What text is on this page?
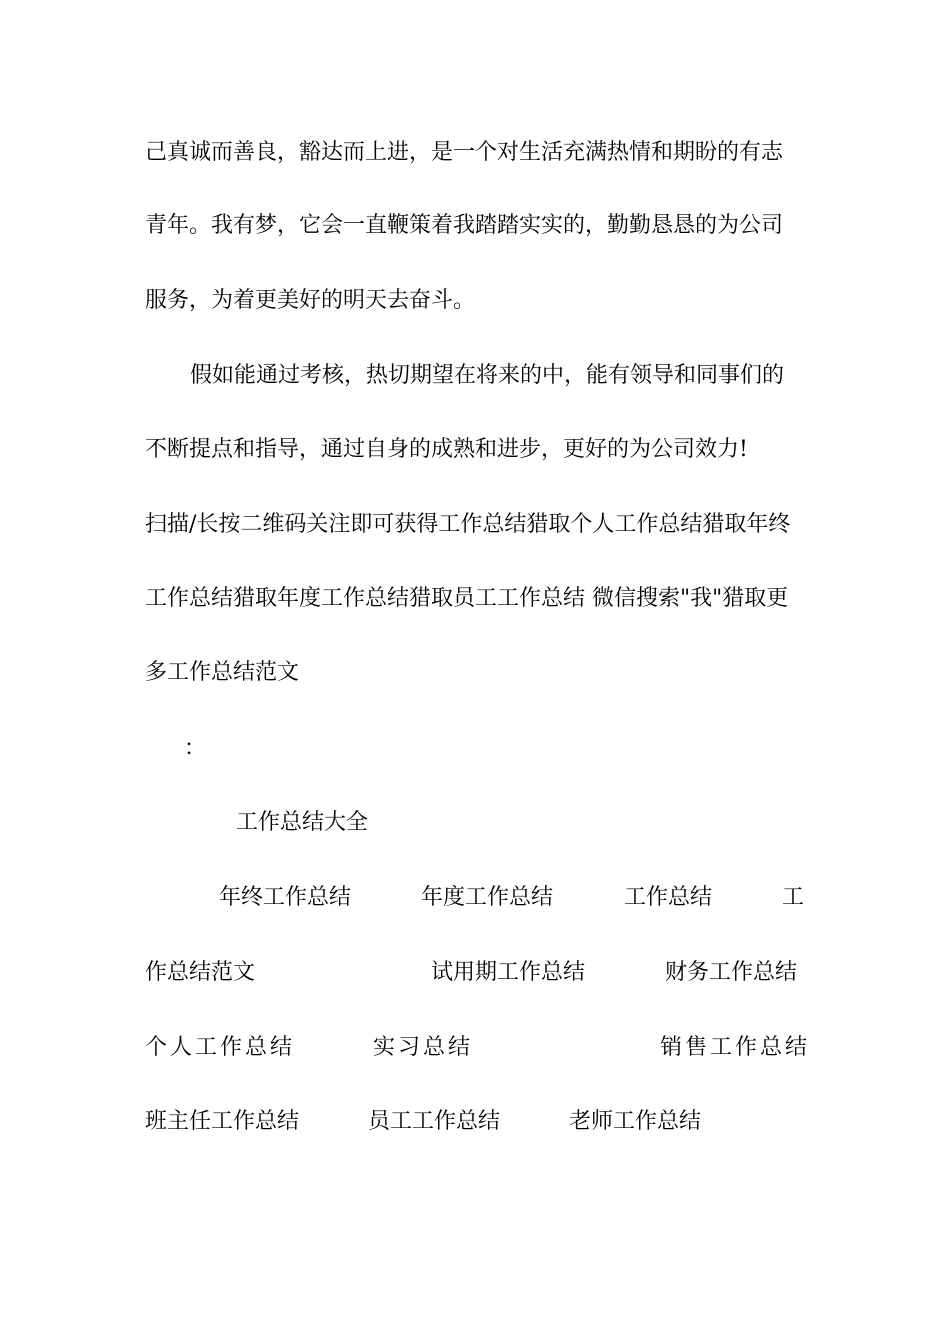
己真诚而善良，豁达而上进，是一个对生活充满热情和期盼的有志
青年。我有梦，它会一直鞭策着我踏踏实实的，勤勤恳恳的为公司
服务，为着更美好的明天去奋斗。
假如能通过考核，热切期望在将来的中，能有领导和同事们的
不断提点和指导，通过自身的成熟和进步，更好的为公司效力!
扫描/长按二维码关注即可获得工作总结猎取个人工作总结猎取年终
工作总结猎取年度工作总结猎取员工工作总结 微信搜索"我"猎取更
多工作总结范文
：
工作总结大全
年终工作总结	年度工作总结	工作总结	工
作总结范文	试用期工作总结	财务工作总结
个人工作总结	实习总结	销售工作总结
班主任工作总结	员工工作总结	老师工作总结
